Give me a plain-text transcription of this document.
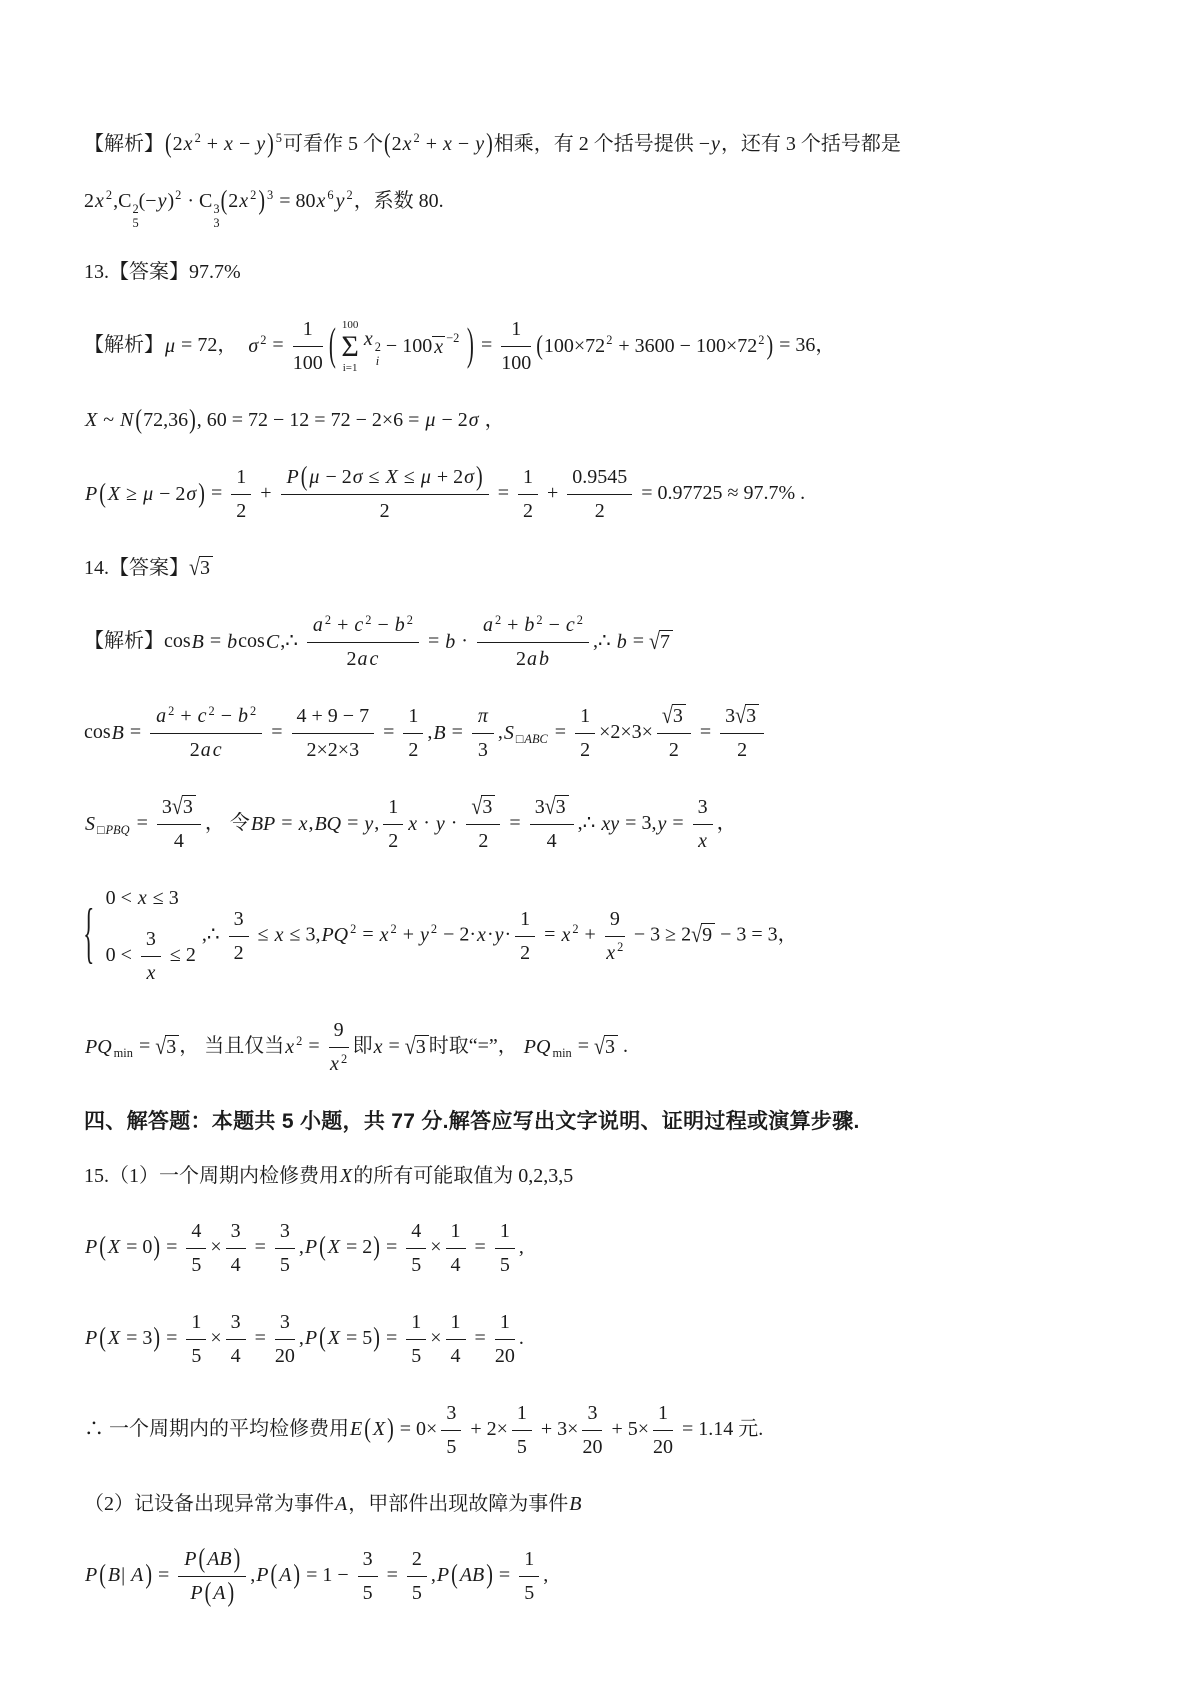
【解析】(2x 2 + x − y ) 5可看作 5 个(2x 2 + x − y )相乘，有 2 个括号提供 −y，还有 3 个括号都是
2x 2,C 2
5
(−y)2 · C 3
3
(2x 2 ) 3 = 80x 6 y 2，系数 80.
13.【答案】97.7%
【解析】μ = 72，  σ $2 = \frac{1}{100}$ ( 100
Σ
i=1
x 2
i
− 100 x −2
) = $\frac{1}{100} (100\times 722 + 3600 - 100\times 722$ ) = 36，
X ~ N (72,36), 60 = 72 − 12 = 72 − 2×6 = μ − 2σ ，
P ( X ≥ μ − 2σ ) = $\frac{1}{2} + \frac{P ( \mu - 2\sigma \le X \le \mu + 2\sigma )}{2} = \frac{1}{2} + \frac{0.9545}{2} = 0.97725 \approx 97.7\%$ .
14.【答案】√3
【解析】cosB = bcosC,∴ $\frac{a 2 + c 2 - b 2}{\text{2a c}} = b \cdot \frac{a 2 + b 2 - c 2}{\text{2a b}}$ ,∴ b = √7
$\cos B = \frac{a 2 + c 2 - b 2}{\text{2a c}} = \frac{4 + 9 - 7}{2\times 2\times 3} = \frac{1}{2} ,B = \frac{\pi}{3} ,S$ □ABC = $\frac{1}{2} \times 2\times 3\times \frac{√3}{2} = \frac{3√3}{2}$
S □PBQ = $\frac{3√3}{4}$ ， 令BP = x,BQ = y, $\frac{1}{2}$ $x \cdot y \cdot \frac{√3}{2} = \frac{3√3}{4}$ ,∴ xy = $3,y = \frac{3}{x}$ ，
{ 0 < x ≤ 3
$0 < \frac{3}{x} \le 2$
,∴ $\frac{3}{2} \le x \le 3,PQ$ 2 = x 2 + y $2 - 2\cdot x\cdot y\cdot \frac{1}{2} = x$ $2 + \frac{9}{x 2} - 3 \ge 2√9 - 3 = 3$，
PQ min = √3 ， 当且仅当x $2 = \frac{9}{x 2}$ 即x = √3 时取“=”， PQ min = √3 .
四、解答题：本题共 5 小题，共 77 分.解答应写出文字说明、证明过程或演算步骤.
15.（1）一个周期内检修费用X的所有可能取值为 0,2,3,5
P ( $X = 0) = \frac{4}{5} \times \frac{3}{4} = \frac{3}{5} ,P$ ( $X = 2) = \frac{4}{5} \times \frac{1}{4} = \frac{1}{5}$ ,
P ( $X = 3) = \frac{1}{5} \times \frac{3}{4} = \frac{3}{20} ,P$ ( $X = 5) = \frac{1}{5} \times \frac{1}{4} = \frac{1}{20}$ .
∴ 一个周期内的平均检修费用E ( X ) = $0\times \frac{3}{5} + 2\times \frac{1}{5} + 3\times \frac{3}{20} + 5\times \frac{1}{20} = 1.14$ 元.
（2）记设备出现异常为事件A，甲部件出现故障为事件B
P ( B| A ) = $\frac{P ( AB )}{P ( A )} ,P$ ( A ) = $1 - \frac{3}{5} = \frac{2}{5} ,P$ ( AB ) = $\frac{1}{5}$ ,
